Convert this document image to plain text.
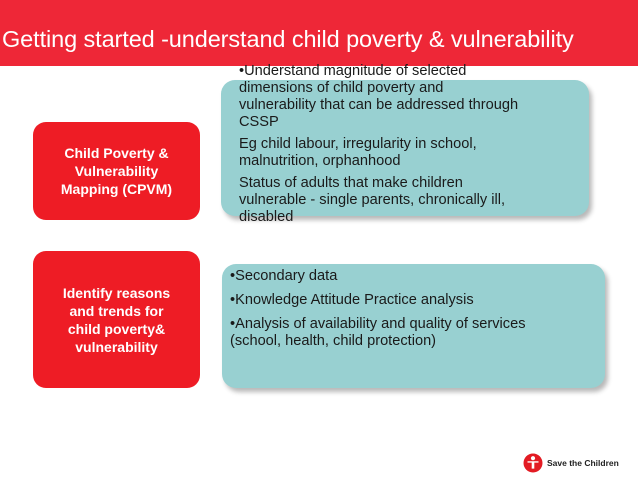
Getting started -understand child poverty & vulnerability
Child Poverty &
Vulnerability
Mapping (CPVM)
Identify reasons
and trends for
child poverty&
vulnerability

•Understand magnitude of selected
dimensions of child poverty and
vulnerability that can be addressed through
CSSP

Eg child labour, irregularity in school,
malnutrition, orphanhood

Status of adults that make children
vulnerable - single parents, chronically ill,
disabled

•Secondary data

•Knowledge Attitude Practice analysis

•Analysis of availability and quality of services
(school, health, child protection)

Save the Children
